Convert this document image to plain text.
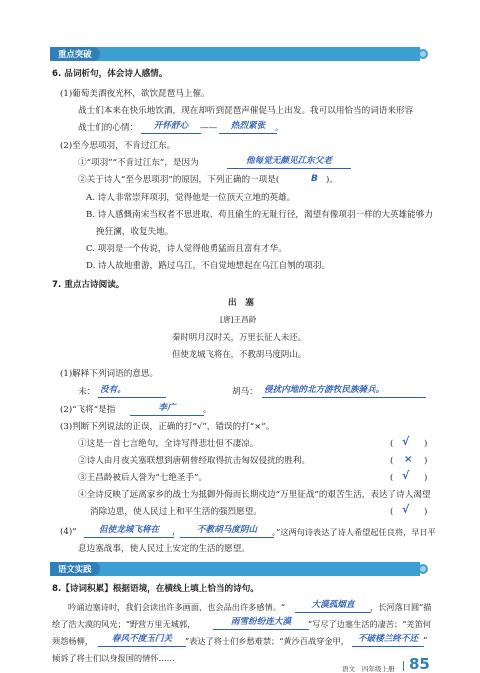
重点突破
6. 品词析句，体会诗人感情。
(1)葡萄美酒夜光杯，欲饮琵琶马上催。
战士们本来在快乐地饮酒，现在却听到琵琶声催促马上出发。我可以用恰当的词语来形容
战士们的心情：	开怀舒心	——	热烈紧张	。
(2)至今思项羽，不肯过江东。
①“项羽”“不肯过江东”，是因为	他每觉无颜见江东父老
②关于诗人“至今思项羽”的原因，下列正确的一项是(	B )。
A. 诗人非常崇拜项羽，觉得他是一位顶天立地的英雄。
B. 诗人感慨南宋当权者不思进取、苟且偷生的无耻行径，渴望有像项羽一样的大英雄能够力
挽狂澜，收复失地。
C. 项羽是一个传说，诗人觉得他勇猛而且富有才华。
D. 诗人故地重游，路过乌江，不自觉地想起在乌江自刎的项羽。
7. 重点古诗阅读。
出　塞
[唐]王昌龄
秦时明月汉时关，万里长征人未还。
但使龙城飞将在，不教胡马度阴山。
(1)解释下列词语的意思。
未： 没有。	胡马： 侵扰内地的北方游牧民族骑兵。
(2)“飞将”是指	李广	。
(3)判断下列说法的正误，正确的打“√”，错误的打“×”。
①这是一首七言绝句，全诗写得悲壮但不凄凉。	( √ )
②诗人由月夜关塞联想到唐朝曾经取得抗击匈奴侵扰的胜利。	( × )
③王昌龄被后人誉为“七绝圣手”。	( √ )
④全诗反映了远离家乡的战士为抵御外侮而长期戍边“万里征战”的艰苦生活，表达了诗人渴望
消除边患，使人民过上和平生活的强烈愿望。	( √ )
(4)“	但使龙城飞将在	，	不教胡马度阴山	。”这两句诗表达了诗人希望起任良将，早日平
息边塞战事，使人民过上安定的生活的愿望。
语文实践
8.【诗词积累】根据语境，在横线上填上恰当的诗句。
吟诵边塞诗时，我们会读出许多画面，也会品出许多感情。“	大漠孤烟直	，长河落日圆”描
绘了浩大漠的风光；“野营万里无城郭，	雨雪纷纷连大漠	”写尽了边塞生活的凄苦；“羌笛何
须怨杨柳，	春风不度玉门关	”表达了将士们乡愁难禁；“黄沙百战穿金甲，	不破楼兰终不还 ”
倾诉了将士们以身报国的情怀……
语文 四年级上册 85
